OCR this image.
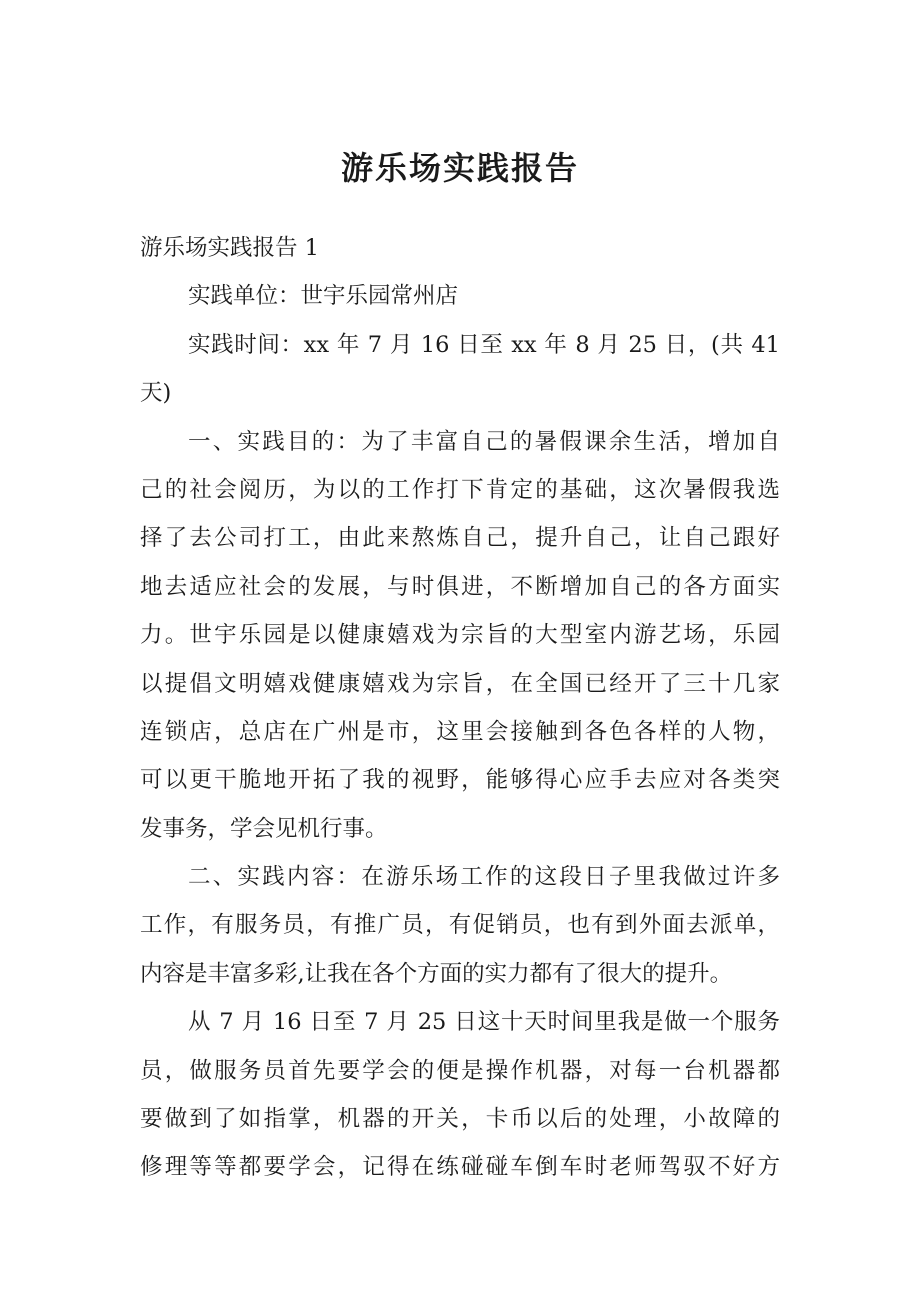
游乐场实践报告
游乐场实践报告 1
实践单位：世宇乐园常州店
实践时间：xx 年 7 月 16 日至 xx 年 8 月 25 日，(共 41
天)
一、实践目的：为了丰富自己的暑假课余生活，增加自
己的社会阅历，为以的工作打下肯定的基础，这次暑假我选
择了去公司打工，由此来熬炼自己，提升自己，让自己跟好
地去适应社会的发展，与时俱进，不断增加自己的各方面实
力。世宇乐园是以健康嬉戏为宗旨的大型室内游艺场，乐园
以提倡文明嬉戏健康嬉戏为宗旨，在全国已经开了三十几家
连锁店，总店在广州是市，这里会接触到各色各样的人物，
可以更干脆地开拓了我的视野，能够得心应手去应对各类突
发事务，学会见机行事。
二、实践内容：在游乐场工作的这段日子里我做过许多
工作，有服务员，有推广员，有促销员，也有到外面去派单，
内容是丰富多彩,让我在各个方面的实力都有了很大的提升。
从 7 月 16 日至 7 月 25 日这十天时间里我是做一个服务
员，做服务员首先要学会的便是操作机器，对每一台机器都
要做到了如指掌，机器的开关，卡币以后的处理，小故障的
修理等等都要学会，记得在练碰碰车倒车时老师驾驭不好方
